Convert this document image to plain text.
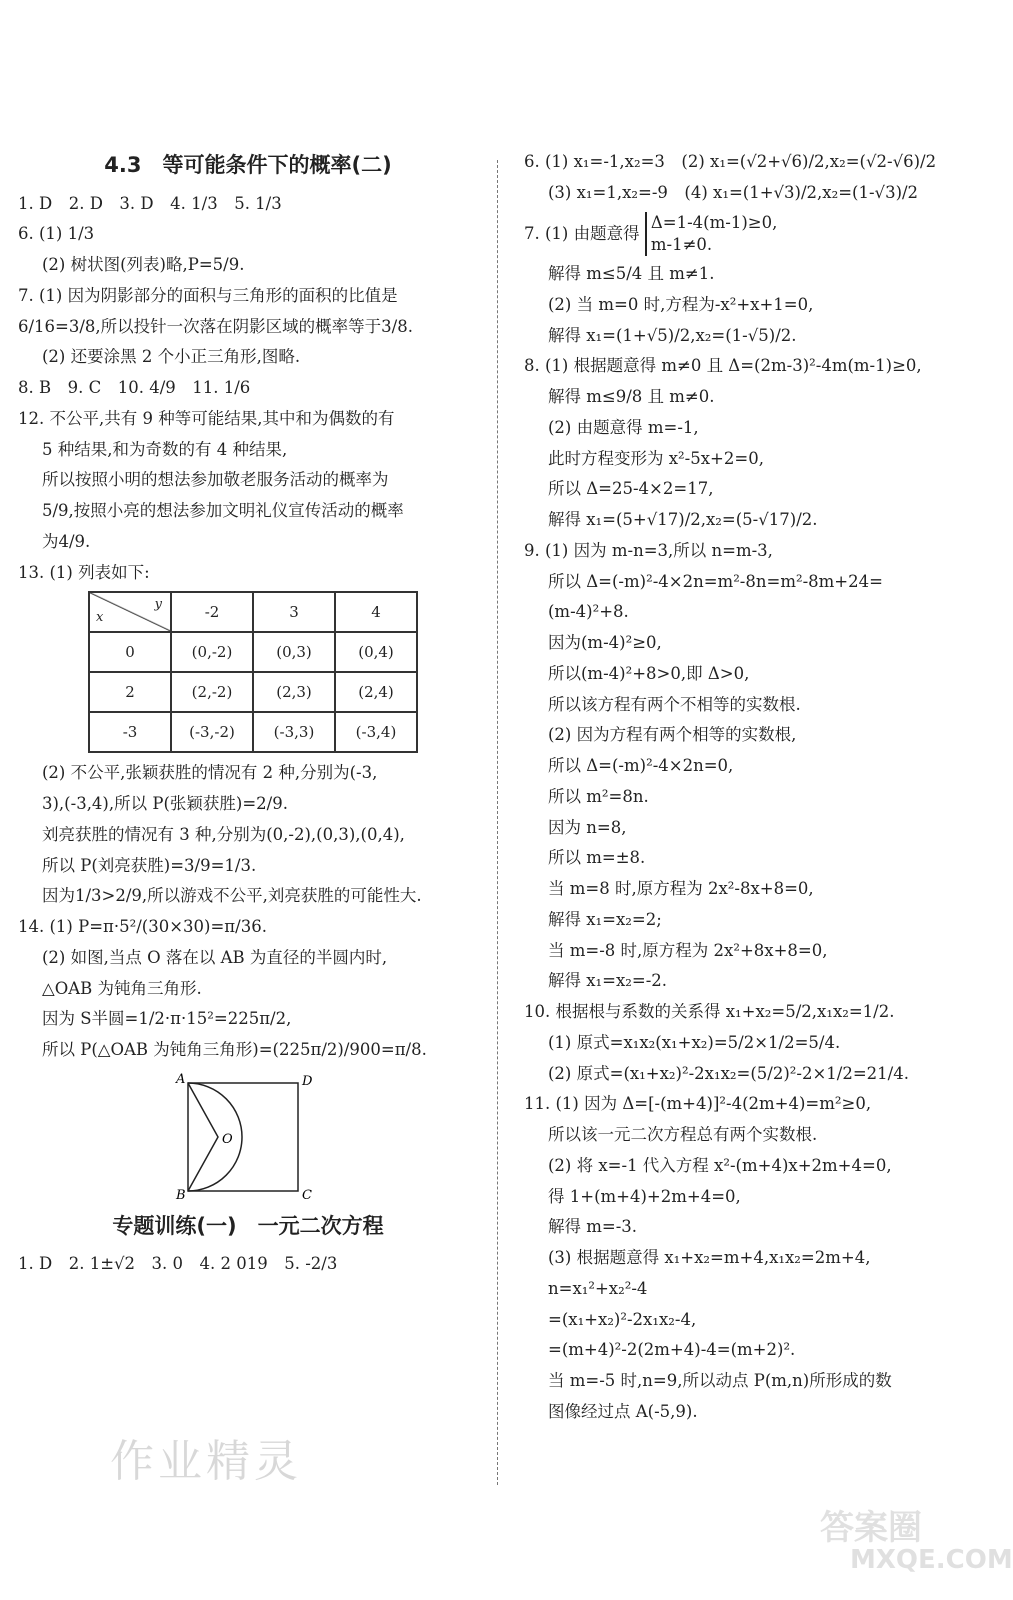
4.3　等可能条件下的概率(二)
1. D　2. D　3. D　4. 1/3　5. 1/3
6. (1) 1/3
(2) 树状图(列表)略,P=5/9.
7. (1) 因为阴影部分的面积与三角形的面积的比值是
6/16=3/8,所以投针一次落在阴影区域的概率等于3/8.
(2) 还要涂黑 2 个小正三角形,图略.
8. B　9. C　10. 4/9　11. 1/6
12. 不公平,共有 9 种等可能结果,其中和为偶数的有
5 种结果,和为奇数的有 4 种结果,
所以按照小明的想法参加敬老服务活动的概率为
5/9,按照小亮的想法参加文明礼仪宣传活动的概率
为4/9.
13. (1) 列表如下:
x
y	-2	3	4
0	(0,-2)	(0,3)	(0,4)
2	(2,-2)	(2,3)	(2,4)
-3	(-3,-2)	(-3,3)	(-3,4)
(2) 不公平,张颖获胜的情况有 2 种,分别为(-3,
3),(-3,4),所以 P(张颖获胜)=2/9.
刘亮获胜的情况有 3 种,分别为(0,-2),(0,3),(0,4),
所以 P(刘亮获胜)=3/9=1/3.
因为1/3>2/9,所以游戏不公平,刘亮获胜的可能性大.
14. (1) P=π·5²/(30×30)=π/36.
(2) 如图,当点 O 落在以 AB 为直径的半圆内时,
△OAB 为钝角三角形.
因为 S半圆=1/2·π·15²=225π/2,
所以 P(△OAB 为钝角三角形)=(225π/2)/900=π/8.
A	D
O
B	C
专题训练(一)　一元二次方程
1. D　2. 1±√2　3. 0　4. 2 019　5. -2/3
6. (1) x₁=-1,x₂=3　(2) x₁=(√2+√6)/2,x₂=(√2-√6)/2
(3) x₁=1,x₂=-9　(4) x₁=(1+√3)/2,x₂=(1-√3)/2
7. (1) 由题意得
Δ=1-4(m-1)≥0,
m-1≠0.
解得 m≤5/4 且 m≠1.
(2) 当 m=0 时,方程为-x²+x+1=0,
解得 x₁=(1+√5)/2,x₂=(1-√5)/2.
8. (1) 根据题意得 m≠0 且 Δ=(2m-3)²-4m(m-1)≥0,
解得 m≤9/8 且 m≠0.
(2) 由题意得 m=-1,
此时方程变形为 x²-5x+2=0,
所以 Δ=25-4×2=17,
解得 x₁=(5+√17)/2,x₂=(5-√17)/2.
9. (1) 因为 m-n=3,所以 n=m-3,
所以 Δ=(-m)²-4×2n=m²-8n=m²-8m+24=
(m-4)²+8.
因为(m-4)²≥0,
所以(m-4)²+8>0,即 Δ>0,
所以该方程有两个不相等的实数根.
(2) 因为方程有两个相等的实数根,
所以 Δ=(-m)²-4×2n=0,
所以 m²=8n.
因为 n=8,
所以 m=±8.
当 m=8 时,原方程为 2x²-8x+8=0,
解得 x₁=x₂=2;
当 m=-8 时,原方程为 2x²+8x+8=0,
解得 x₁=x₂=-2.
10. 根据根与系数的关系得 x₁+x₂=5/2,x₁x₂=1/2.
(1) 原式=x₁x₂(x₁+x₂)=5/2×1/2=5/4.
(2) 原式=(x₁+x₂)²-2x₁x₂=(5/2)²-2×1/2=21/4.
11. (1) 因为 Δ=[-(m+4)]²-4(2m+4)=m²≥0,
所以该一元二次方程总有两个实数根.
(2) 将 x=-1 代入方程 x²-(m+4)x+2m+4=0,
得 1+(m+4)+2m+4=0,
解得 m=-3.
(3) 根据题意得 x₁+x₂=m+4,x₁x₂=2m+4,
n=x₁²+x₂²-4
=(x₁+x₂)²-2x₁x₂-4,
=(m+4)²-2(2m+4)-4=(m+2)².
当 m=-5 时,n=9,所以动点 P(m,n)所形成的数
图像经过点 A(-5,9).
作业精灵
答案圈
MXQE.COM
